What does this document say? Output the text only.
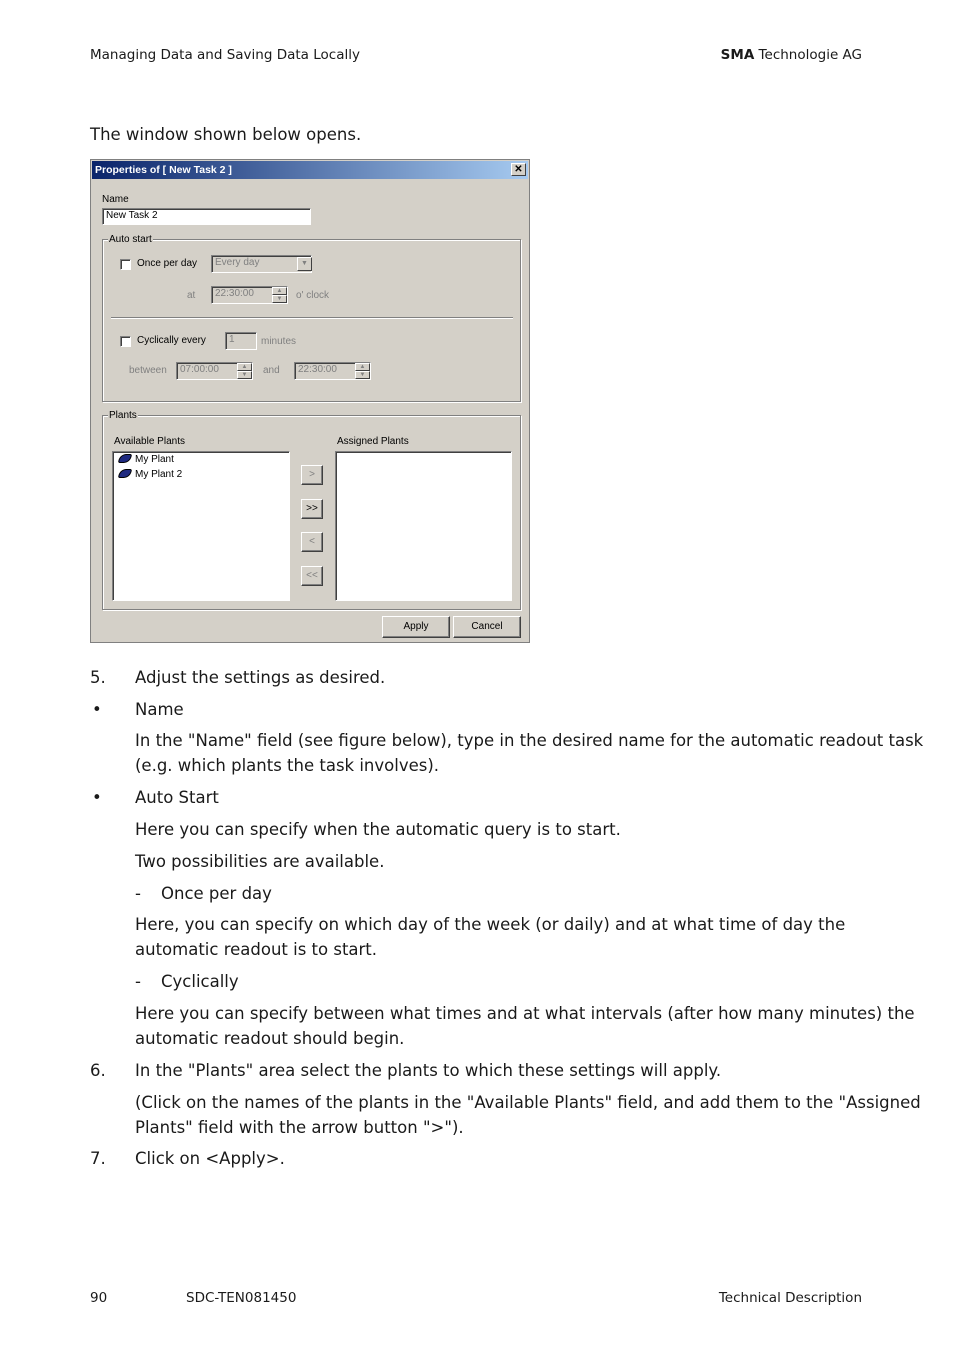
Managing Data and Saving Data Locally	SMA Technologie AG
The window shown below opens.
Properties of [ New Task 2 ]	✕
Name
New Task 2
Auto start
Once per day	Every day	▼
at	22:30:00	▲
▼	o' clock
Cyclically every	1	minutes
between	07:00:00	▲
▼	and	22:30:00	▲
▼
Plants
Available Plants	Assigned Plants
My Plant
My Plant 2	>
>>
<
<<
Apply	Cancel
5. Adjust the settings as desired.
• Name
In the "Name" field (see figure below), type in the desired name for the automatic readout task
(e.g. which plants the task involves).
• Auto Start
Here you can specify when the automatic query is to start.
Two possibilities are available.
- Once per day
Here, you can specify on which day of the week (or daily) and at what time of day the
automatic readout is to start.
- Cyclically
Here you can specify between what times and at what intervals (after how many minutes) the
automatic readout should begin.
6. In the "Plants" area select the plants to which these settings will apply.
(Click on the names of the plants in the "Available Plants" field, and add them to the "Assigned
Plants" field with the arrow button ">").
7. Click on <Apply>.
90	SDC-TEN081450	Technical Description
